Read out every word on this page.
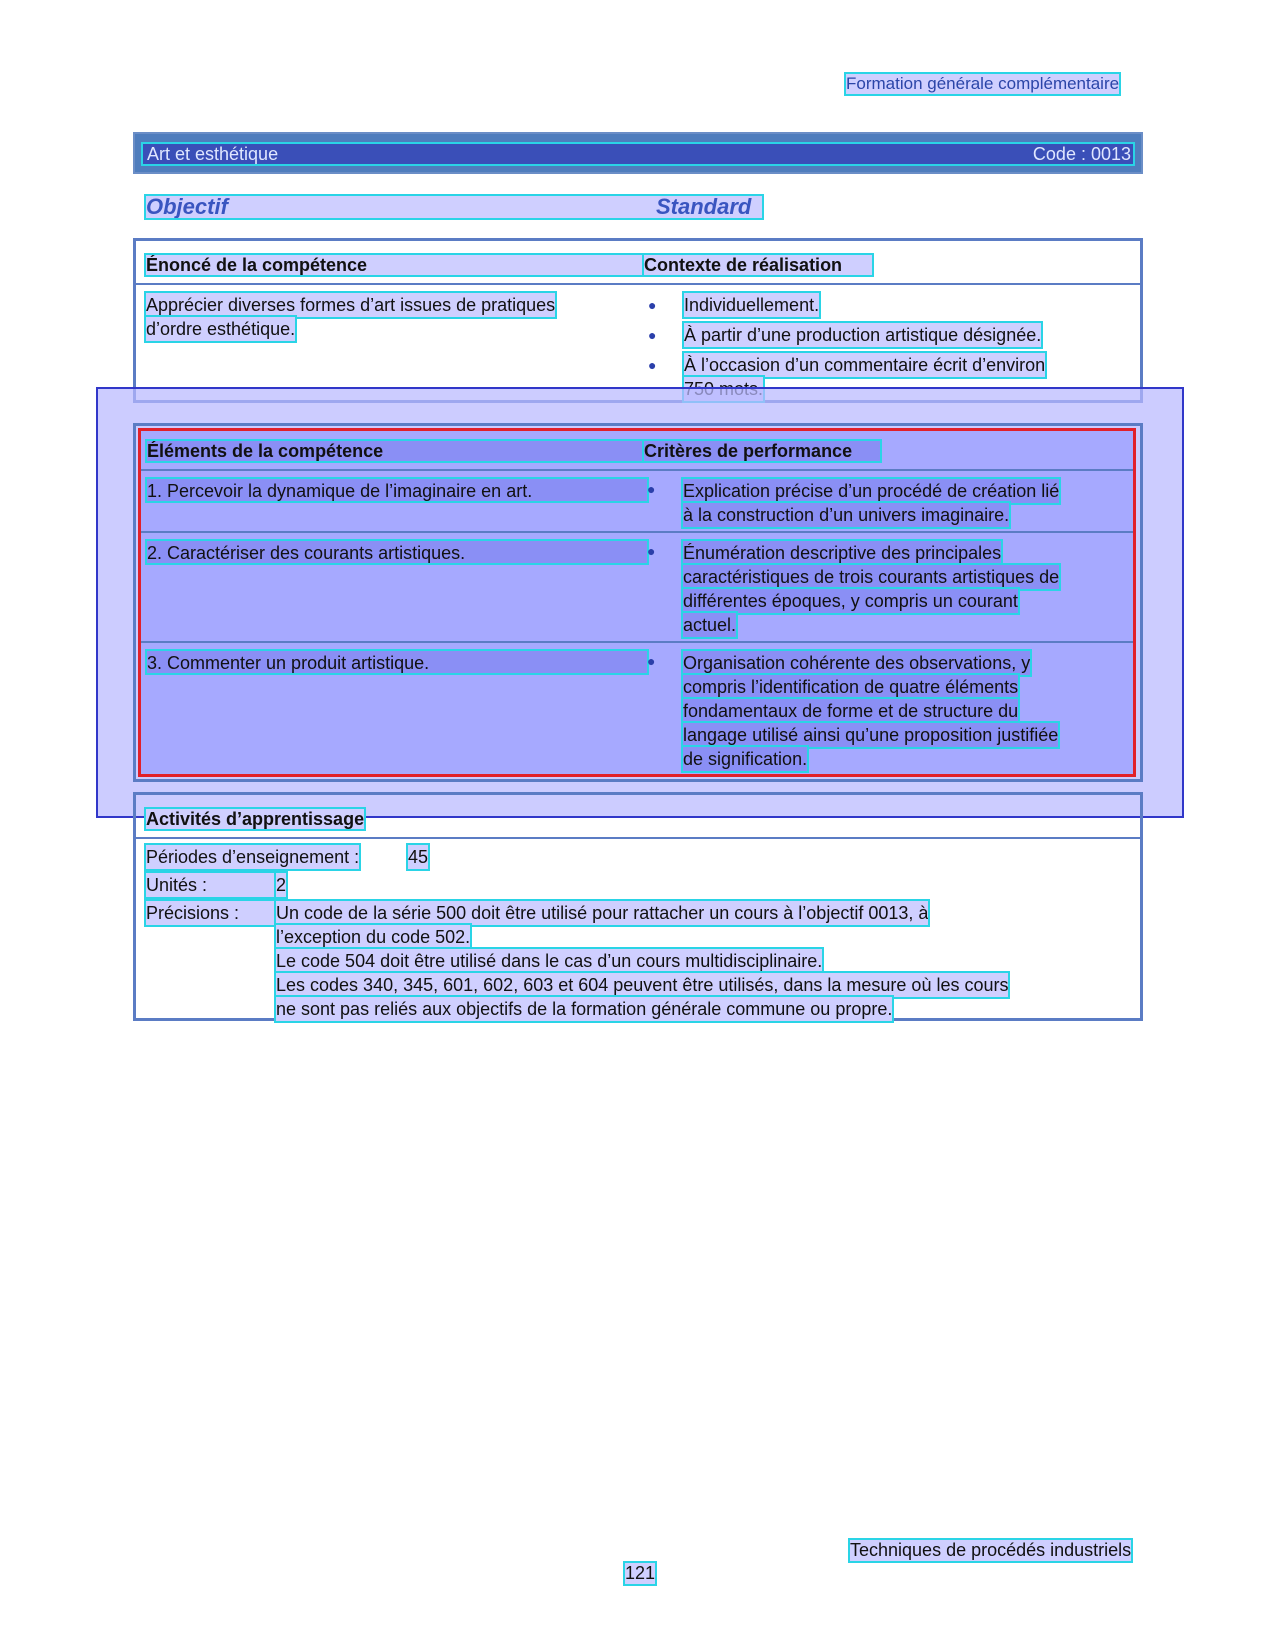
Formation générale complémentaire
Art et esthétique	Code : 0013
Objectif	Standard
Énoncé de la compétence	Contexte de réalisation
Apprécier diverses formes d’art issues de pratiques
d’ordre esthétique.
● Individuellement.
● À partir d’une production artistique désignée.
● À l’occasion d’un commentaire écrit d’environ
Éléments de la compétence	Critères de performance
1. Percevoir la dynamique de l’imaginaire en art.	● Explication précise d’un procédé de création lié
à la construction d’un univers imaginaire.
2. Caractériser des courants artistiques.	● Énumération descriptive des principales
caractéristiques de trois courants artistiques de
différentes époques, y compris un courant
actuel.
3. Commenter un produit artistique.	● Organisation cohérente des observations, y
compris l’identification de quatre éléments
fondamentaux de forme et de structure du
langage utilisé ainsi qu’une proposition justifiée
de signification.
Activités d’apprentissage
Périodes d’enseignement :	45
Unités :	2
Précisions :	Un code de la série 500 doit être utilisé pour rattacher un cours à l’objectif 0013, à
l’exception du code 502.
Le code 504 doit être utilisé dans le cas d’un cours multidisciplinaire.
Les codes 340, 345, 601, 602, 603 et 604 peuvent être utilisés, dans la mesure où les cours
ne sont pas reliés aux objectifs de la formation générale commune ou propre.
Techniques de procédés industriels
121
